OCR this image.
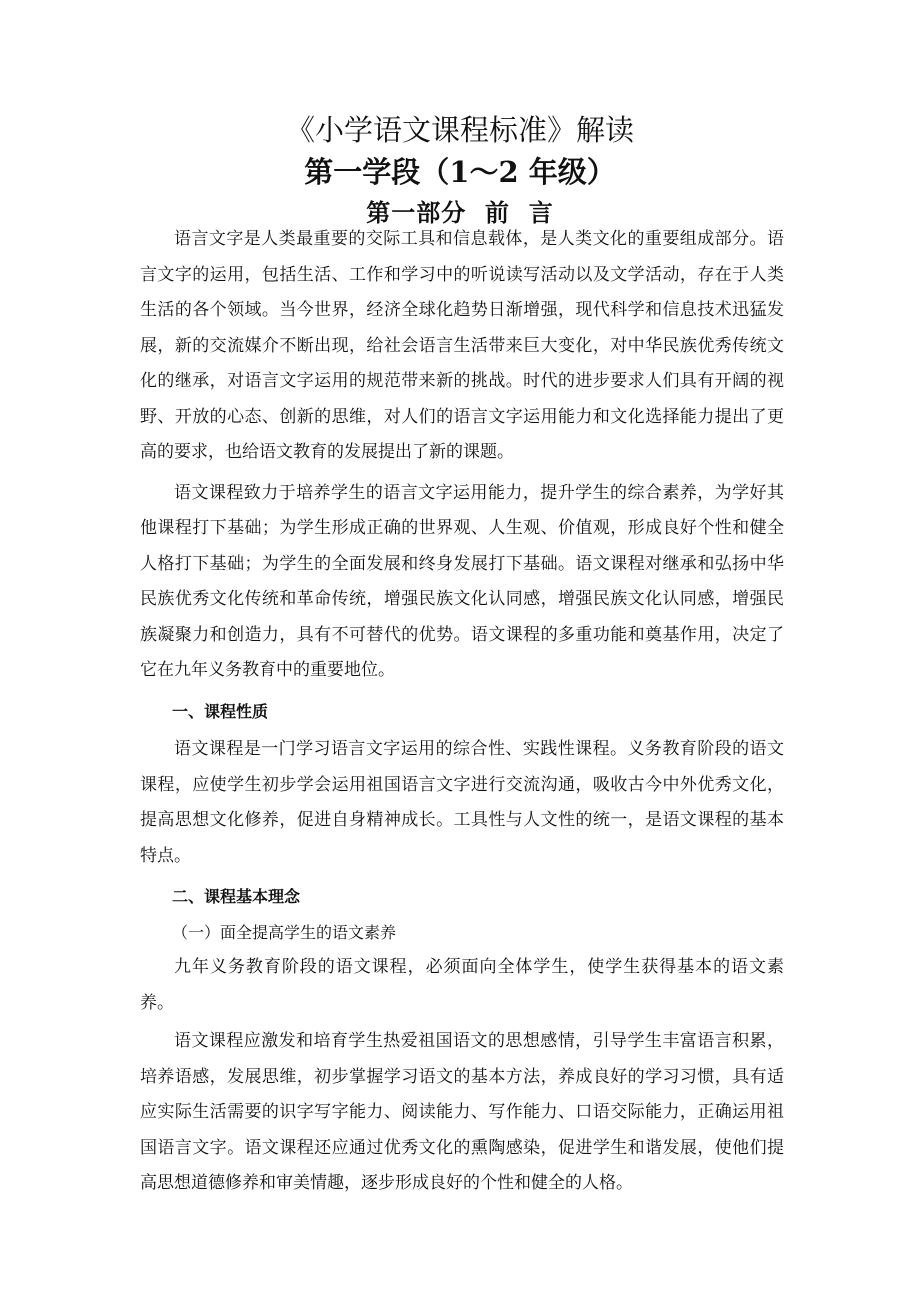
《小学语文课程标准》解读
第一学段（1～2 年级）
第一部分  前  言

语言文字是人类最重要的交际工具和信息载体，是人类文化的重要组成部分。语言文字的运用，包括生活、工作和学习中的听说读写活动以及文学活动，存在于人类生活的各个领域。当今世界，经济全球化趋势日渐增强，现代科学和信息技术迅猛发展，新的交流媒介不断出现，给社会语言生活带来巨大变化，对中华民族优秀传统文化的继承，对语言文字运用的规范带来新的挑战。时代的进步要求人们具有开阔的视野、开放的心态、创新的思维，对人们的语言文字运用能力和文化选择能力提出了更高的要求，也给语文教育的发展提出了新的课题。

语文课程致力于培养学生的语言文字运用能力，提升学生的综合素养，为学好其他课程打下基础；为学生形成正确的世界观、人生观、价值观，形成良好个性和健全人格打下基础；为学生的全面发展和终身发展打下基础。语文课程对继承和弘扬中华民族优秀文化传统和革命传统，增强民族文化认同感，增强民族文化认同感，增强民族凝聚力和创造力，具有不可替代的优势。语文课程的多重功能和奠基作用，决定了它在九年义务教育中的重要地位。

一、课程性质

语文课程是一门学习语言文字运用的综合性、实践性课程。义务教育阶段的语文课程，应使学生初步学会运用祖国语言文字进行交流沟通，吸收古今中外优秀文化，提高思想文化修养，促进自身精神成长。工具性与人文性的统一，是语文课程的基本特点。

二、课程基本理念

（一）面全提高学生的语文素养

九年义务教育阶段的语文课程，必须面向全体学生，使学生获得基本的语文素养。

语文课程应激发和培育学生热爱祖国语文的思想感情，引导学生丰富语言积累，培养语感，发展思维，初步掌握学习语文的基本方法，养成良好的学习习惯，具有适应实际生活需要的识字写字能力、阅读能力、写作能力、口语交际能力，正确运用祖国语言文字。语文课程还应通过优秀文化的熏陶感染，促进学生和谐发展，使他们提高思想道德修养和审美情趣，逐步形成良好的个性和健全的人格。
